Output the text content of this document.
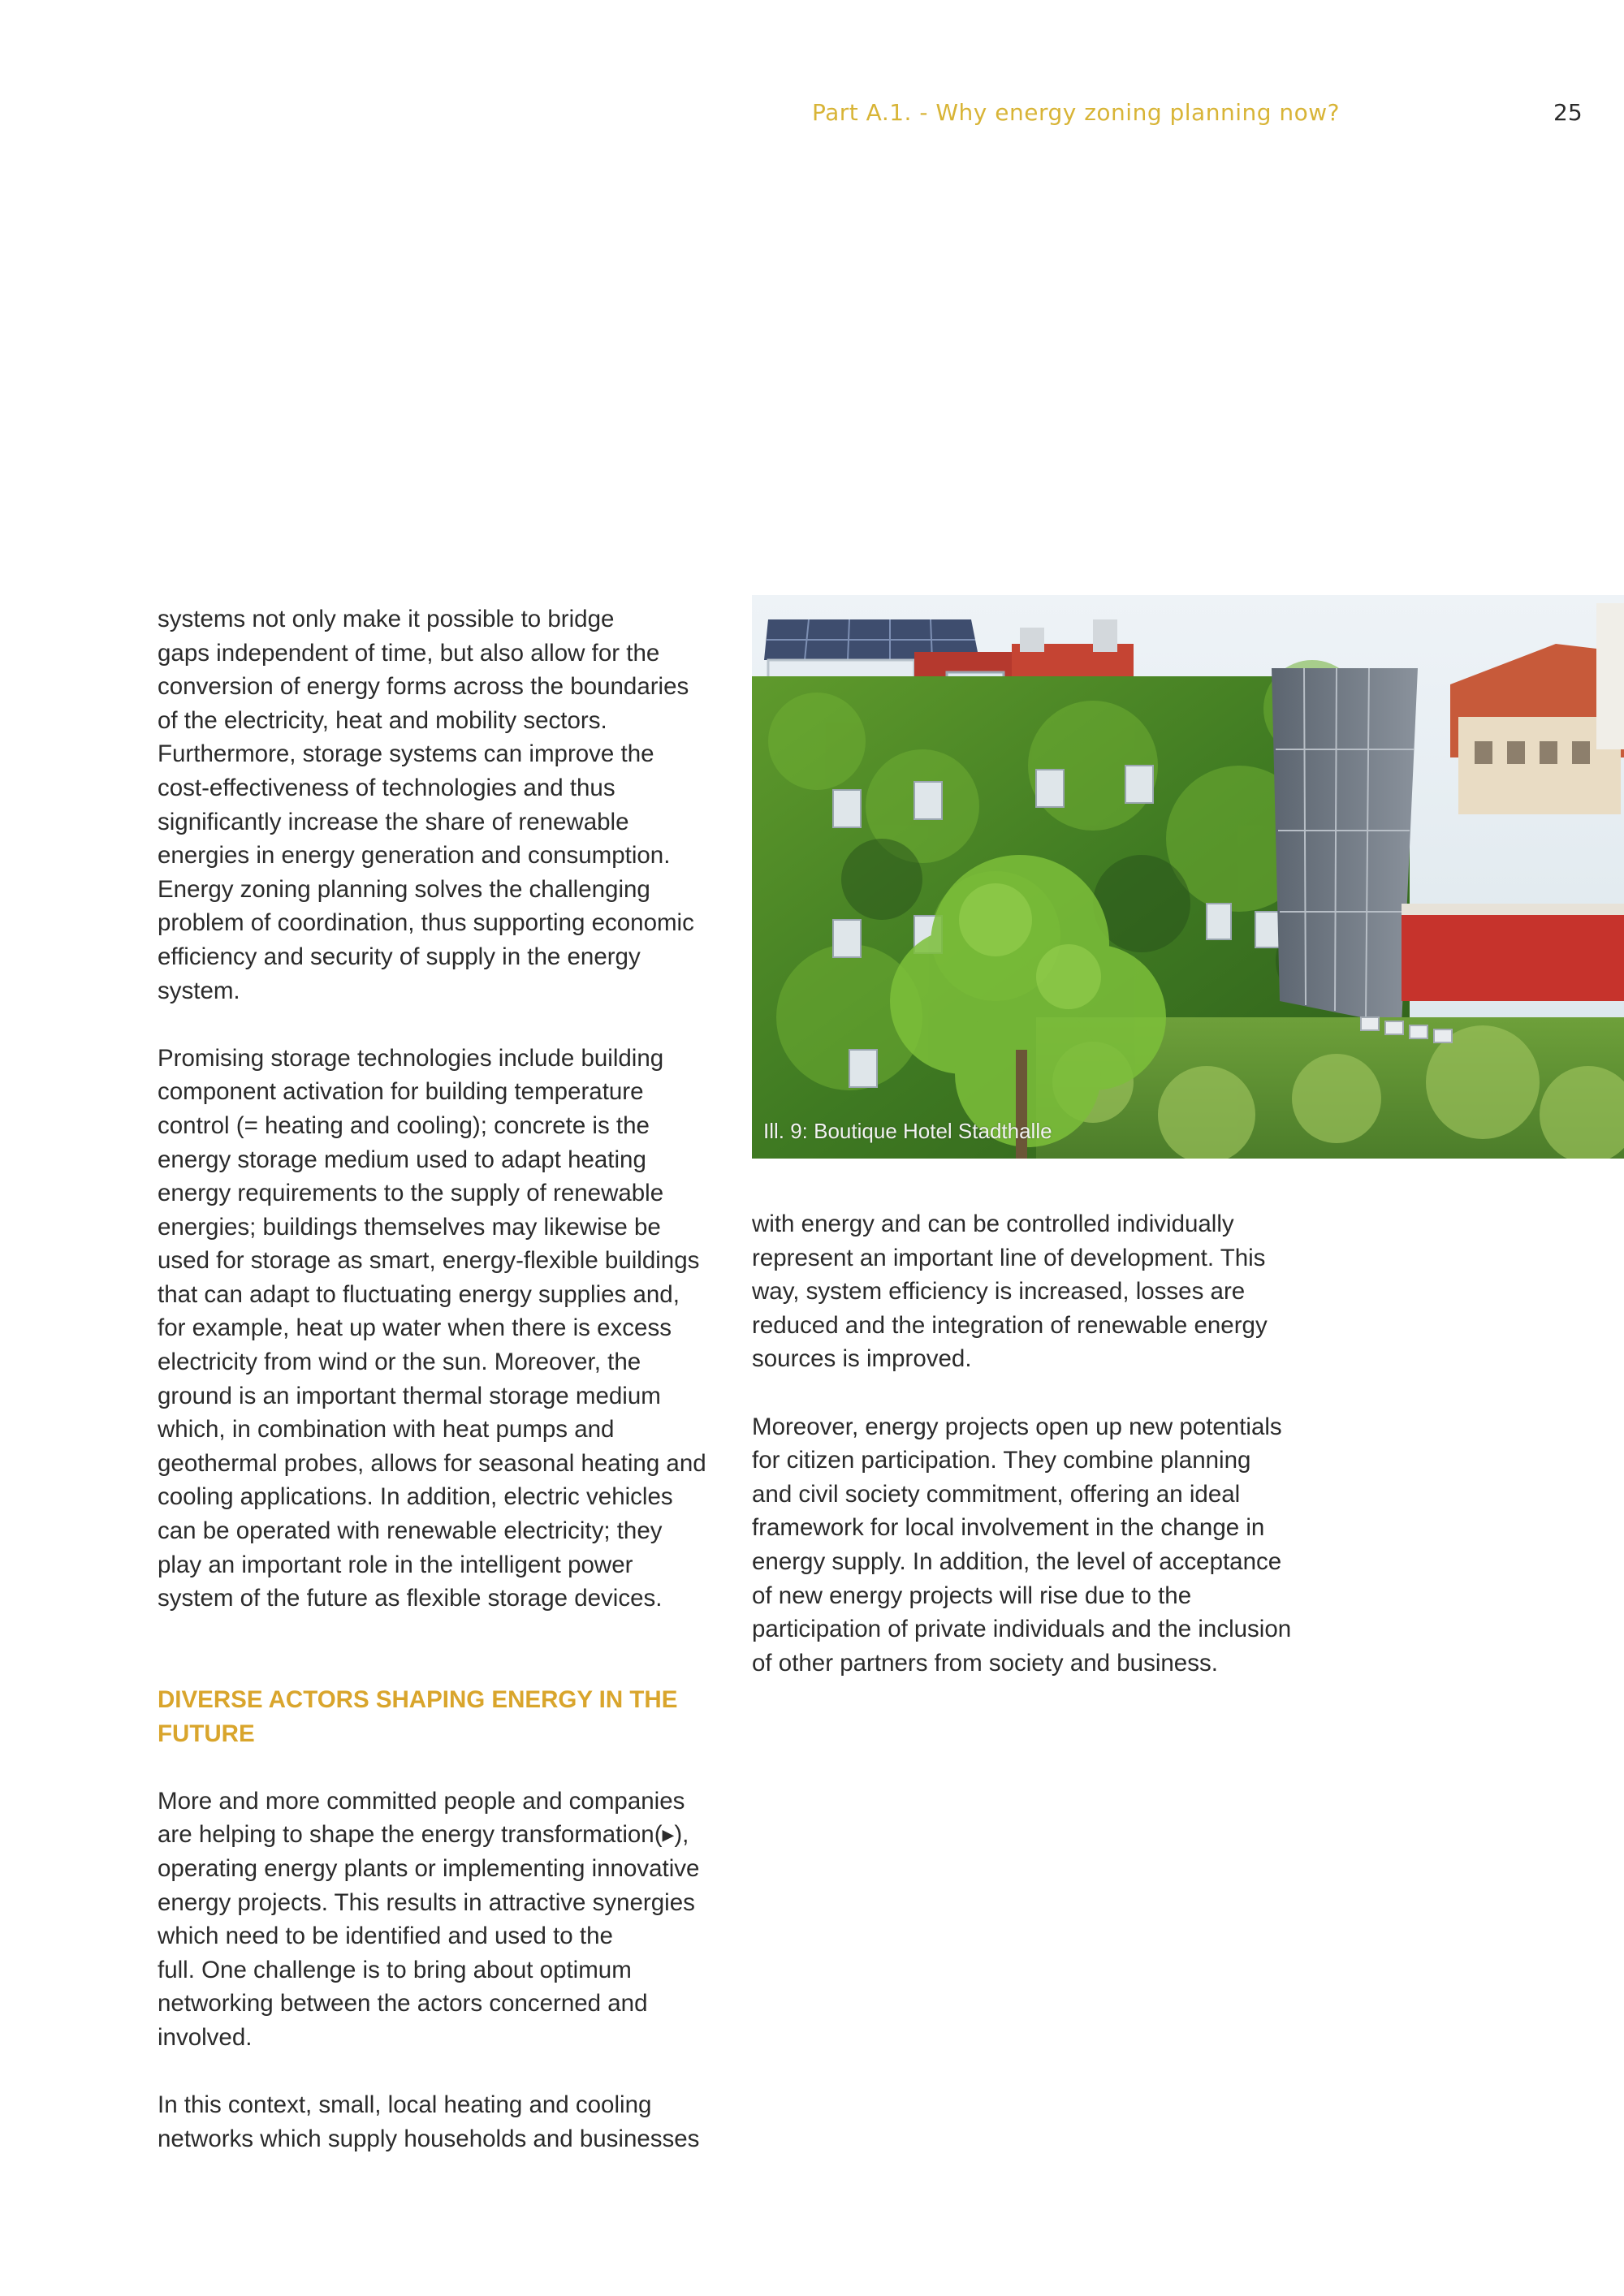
Part A.1. - Why energy zoning planning now?	25

systems not only make it possible to bridge
gaps independent of time, but also allow for the
conversion of energy forms across the boundaries
of the electricity, heat and mobility sectors.
Furthermore, storage systems can improve the
cost-effectiveness of technologies and thus
significantly increase the share of renewable
energies in energy generation and consumption.
Energy zoning planning solves the challenging
problem of coordination, thus supporting economic
efficiency and security of supply in the energy
system.

Promising storage technologies include building
component activation for building temperature
control (= heating and cooling); concrete is the
energy storage medium used to adapt heating
energy requirements to the supply of renewable
energies; buildings themselves may likewise be
used for storage as smart, energy-flexible buildings
that can adapt to fluctuating energy supplies and,
for example, heat up water when there is excess
electricity from wind or the sun. Moreover, the
ground is an important thermal storage medium
which, in combination with heat pumps and
geothermal probes, allows for seasonal heating and
cooling applications. In addition, electric vehicles
can be operated with renewable electricity; they
play an important role in the intelligent power
system of the future as flexible storage devices.

DIVERSE ACTORS SHAPING ENERGY IN THE
FUTURE

More and more committed people and companies
are helping to shape the energy transformation(▸),
operating energy plants or implementing innovative
energy projects. This results in attractive synergies
which need to be identified and used to the
full. One challenge is to bring about optimum
networking between the actors concerned and
involved.

In this context, small, local heating and cooling
networks which supply households and businesses

Ill. 9: Boutique Hotel Stadthalle

with energy and can be controlled individually
represent an important line of development. This
way, system efficiency is increased, losses are
reduced and the integration of renewable energy
sources is improved.

Moreover, energy projects open up new potentials
for citizen participation. They combine planning
and civil society commitment, offering an ideal
framework for local involvement in the change in
energy supply. In addition, the level of acceptance
of new energy projects will rise due to the
participation of private individuals and the inclusion
of other partners from society and business.
